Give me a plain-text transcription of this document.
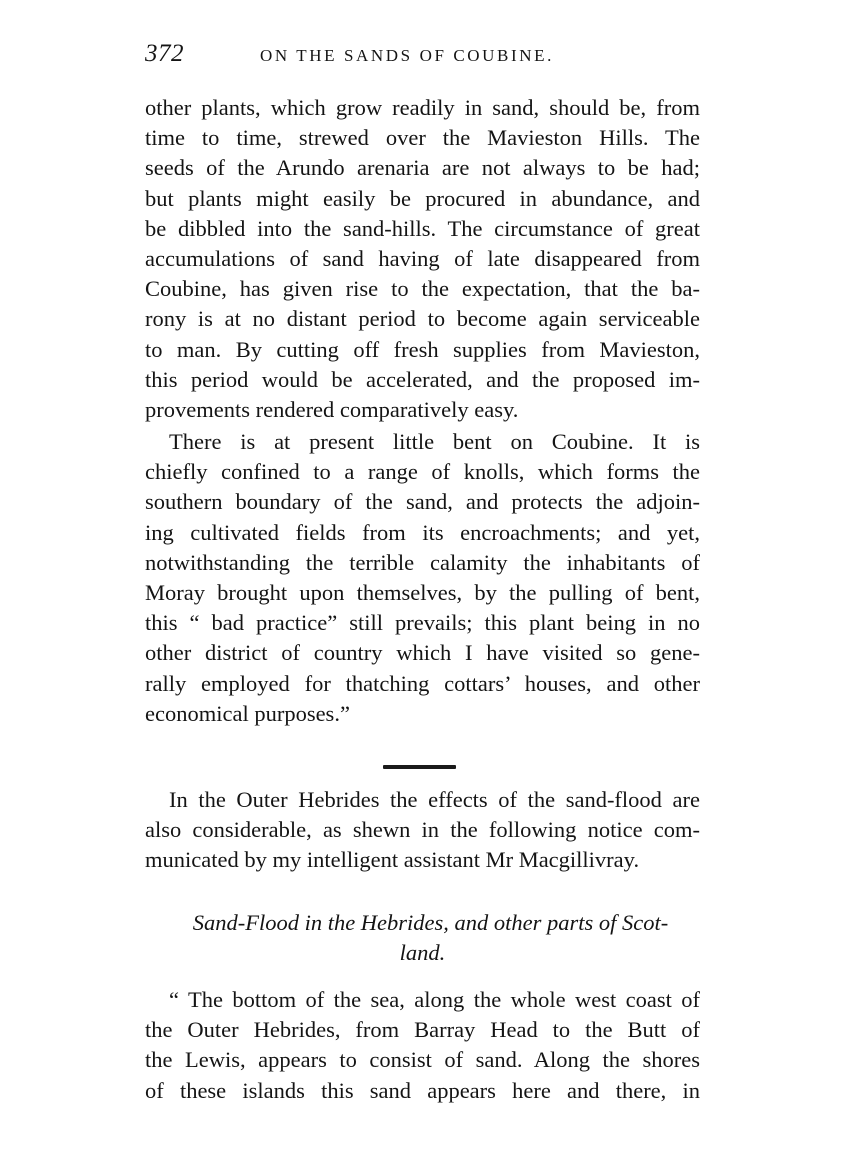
372	ON THE SANDS OF COUBINE.
other plants, which grow readily in sand, should be, from
time to time, strewed over the Mavieston Hills. The
seeds of the Arundo arenaria are not always to be had;
but plants might easily be procured in abundance, and
be dibbled into the sand-hills. The circumstance of great
accumulations of sand having of late disappeared from
Coubine, has given rise to the expectation, that the ba-
rony is at no distant period to become again serviceable
to man. By cutting off fresh supplies from Mavieston,
this period would be accelerated, and the proposed im-
provements rendered comparatively easy.
There is at present little bent on Coubine. It is
chiefly confined to a range of knolls, which forms the
southern boundary of the sand, and protects the adjoin-
ing cultivated fields from its encroachments; and yet,
notwithstanding the terrible calamity the inhabitants of
Moray brought upon themselves, by the pulling of bent,
this “ bad practice” still prevails; this plant being in no
other district of country which I have visited so gene-
rally employed for thatching cottars’ houses, and other
economical purposes.”
In the Outer Hebrides the effects of the sand-flood are
also considerable, as shewn in the following notice com-
municated by my intelligent assistant Mr Macgillivray.
Sand-Flood in the Hebrides, and other parts of Scot-
land.
“ The bottom of the sea, along the whole west coast of
the Outer Hebrides, from Barray Head to the Butt of
the Lewis, appears to consist of sand. Along the shores
of these islands this sand appears here and there, in
